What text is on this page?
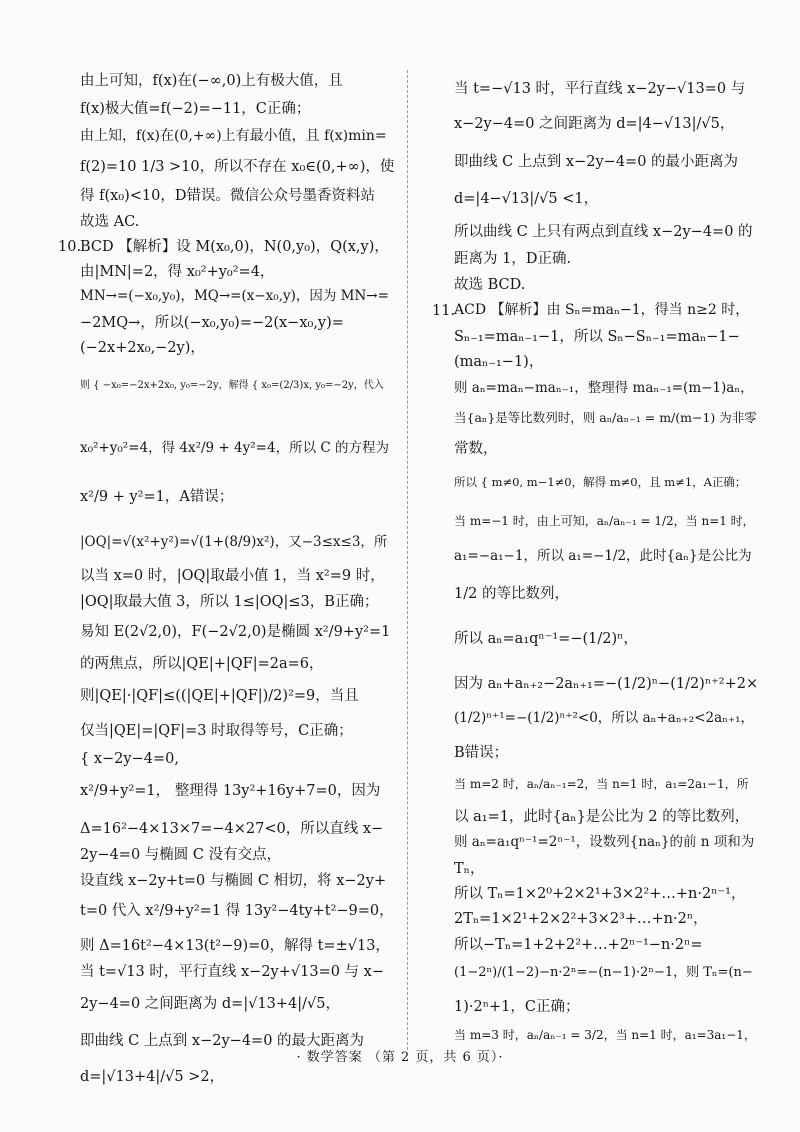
由上可知，f(x)在(−∞,0)上有极大值，且
f(x)极大值=f(−2)=−11，C正确；
由上知，f(x)在(0,+∞)上有最小值，且 f(x)min=
f(2)=10 1/3 >10，所以不存在 x₀∈(0,+∞)，使
得 f(x₀)<10，D错误。微信公众号墨香资料站
故选 AC.
10.
BCD 【解析】设 M(x₀,0)，N(0,y₀)，Q(x,y)，
由|MN|=2，得 x₀²+y₀²=4，
MN→=(−x₀,y₀)，MQ→=(x−x₀,y)，因为 MN→=
−2MQ→，所以(−x₀,y₀)=−2(x−x₀,y)=
(−2x+2x₀,−2y)，
则 { −x₀=−2x+2x₀, y₀=−2y，解得 { x₀=(2/3)x, y₀=−2y，代入
x₀²+y₀²=4，得 4x²/9 + 4y²=4，所以 C 的方程为
x²/9 + y²=1，A错误；
|OQ|=√(x²+y²)=√(1+(8/9)x²)，又−3≤x≤3，所
以当 x=0 时，|OQ|取最小值 1，当 x²=9 时，
|OQ|取最大值 3，所以 1≤|OQ|≤3，B正确；
易知 E(2√2,0)，F(−2√2,0)是椭圆 x²/9+y²=1
的两焦点，所以|QE|+|QF|=2a=6，
则|QE|·|QF|≤((|QE|+|QF|)/2)²=9，当且
仅当|QE|=|QF|=3 时取得等号，C正确；
{ x−2y−4=0,
x²/9+y²=1， 整理得 13y²+16y+7=0，因为
Δ=16²−4×13×7=−4×27<0，所以直线 x−
2y−4=0 与椭圆 C 没有交点，
设直线 x−2y+t=0 与椭圆 C 相切，将 x−2y+
t=0 代入 x²/9+y²=1 得 13y²−4ty+t²−9=0，
则 Δ=16t²−4×13(t²−9)=0，解得 t=±√13，
当 t=√13 时，平行直线 x−2y+√13=0 与 x−
2y−4=0 之间距离为 d=|√13+4|/√5，
即曲线 C 上点到 x−2y−4=0 的最大距离为
d=|√13+4|/√5 >2，
当 t=−√13 时，平行直线 x−2y−√13=0 与
x−2y−4=0 之间距离为 d=|4−√13|/√5，
即曲线 C 上点到 x−2y−4=0 的最小距离为
d=|4−√13|/√5 <1，
所以曲线 C 上只有两点到直线 x−2y−4=0 的
距离为 1，D正确.
故选 BCD.
11.
ACD 【解析】由 Sₙ=maₙ−1，得当 n≥2 时，
Sₙ₋₁=maₙ₋₁−1，所以 Sₙ−Sₙ₋₁=maₙ−1−
(maₙ₋₁−1)，
则 aₙ=maₙ−maₙ₋₁，整理得 maₙ₋₁=(m−1)aₙ，
当{aₙ}是等比数列时，则 aₙ/aₙ₋₁ = m/(m−1) 为非零
常数，
所以 { m≠0, m−1≠0，解得 m≠0，且 m≠1，A正确；
当 m=−1 时，由上可知，aₙ/aₙ₋₁ = 1/2，当 n=1 时，
a₁=−a₁−1，所以 a₁=−1/2，此时{aₙ}是公比为
1/2 的等比数列，
所以 aₙ=a₁qⁿ⁻¹=−(1/2)ⁿ，
因为 aₙ+aₙ₊₂−2aₙ₊₁=−(1/2)ⁿ−(1/2)ⁿ⁺²+2×
(1/2)ⁿ⁺¹=−(1/2)ⁿ⁺²<0，所以 aₙ+aₙ₊₂<2aₙ₊₁，
B错误；
当 m=2 时，aₙ/aₙ₋₁=2，当 n=1 时，a₁=2a₁−1，所
以 a₁=1，此时{aₙ}是公比为 2 的等比数列，
则 aₙ=a₁qⁿ⁻¹=2ⁿ⁻¹，设数列{naₙ}的前 n 项和为
Tₙ，
所以 Tₙ=1×2⁰+2×2¹+3×2²+…+n·2ⁿ⁻¹，
2Tₙ=1×2¹+2×2²+3×2³+…+n·2ⁿ，
所以−Tₙ=1+2+2²+…+2ⁿ⁻¹−n·2ⁿ=
(1−2ⁿ)/(1−2)−n·2ⁿ=−(n−1)·2ⁿ−1，则 Tₙ=(n−
1)·2ⁿ+1，C正确；
当 m=3 时，aₙ/aₙ₋₁ = 3/2，当 n=1 时，a₁=3a₁−1，
· 数学答案 （第 2 页，共 6 页）·
